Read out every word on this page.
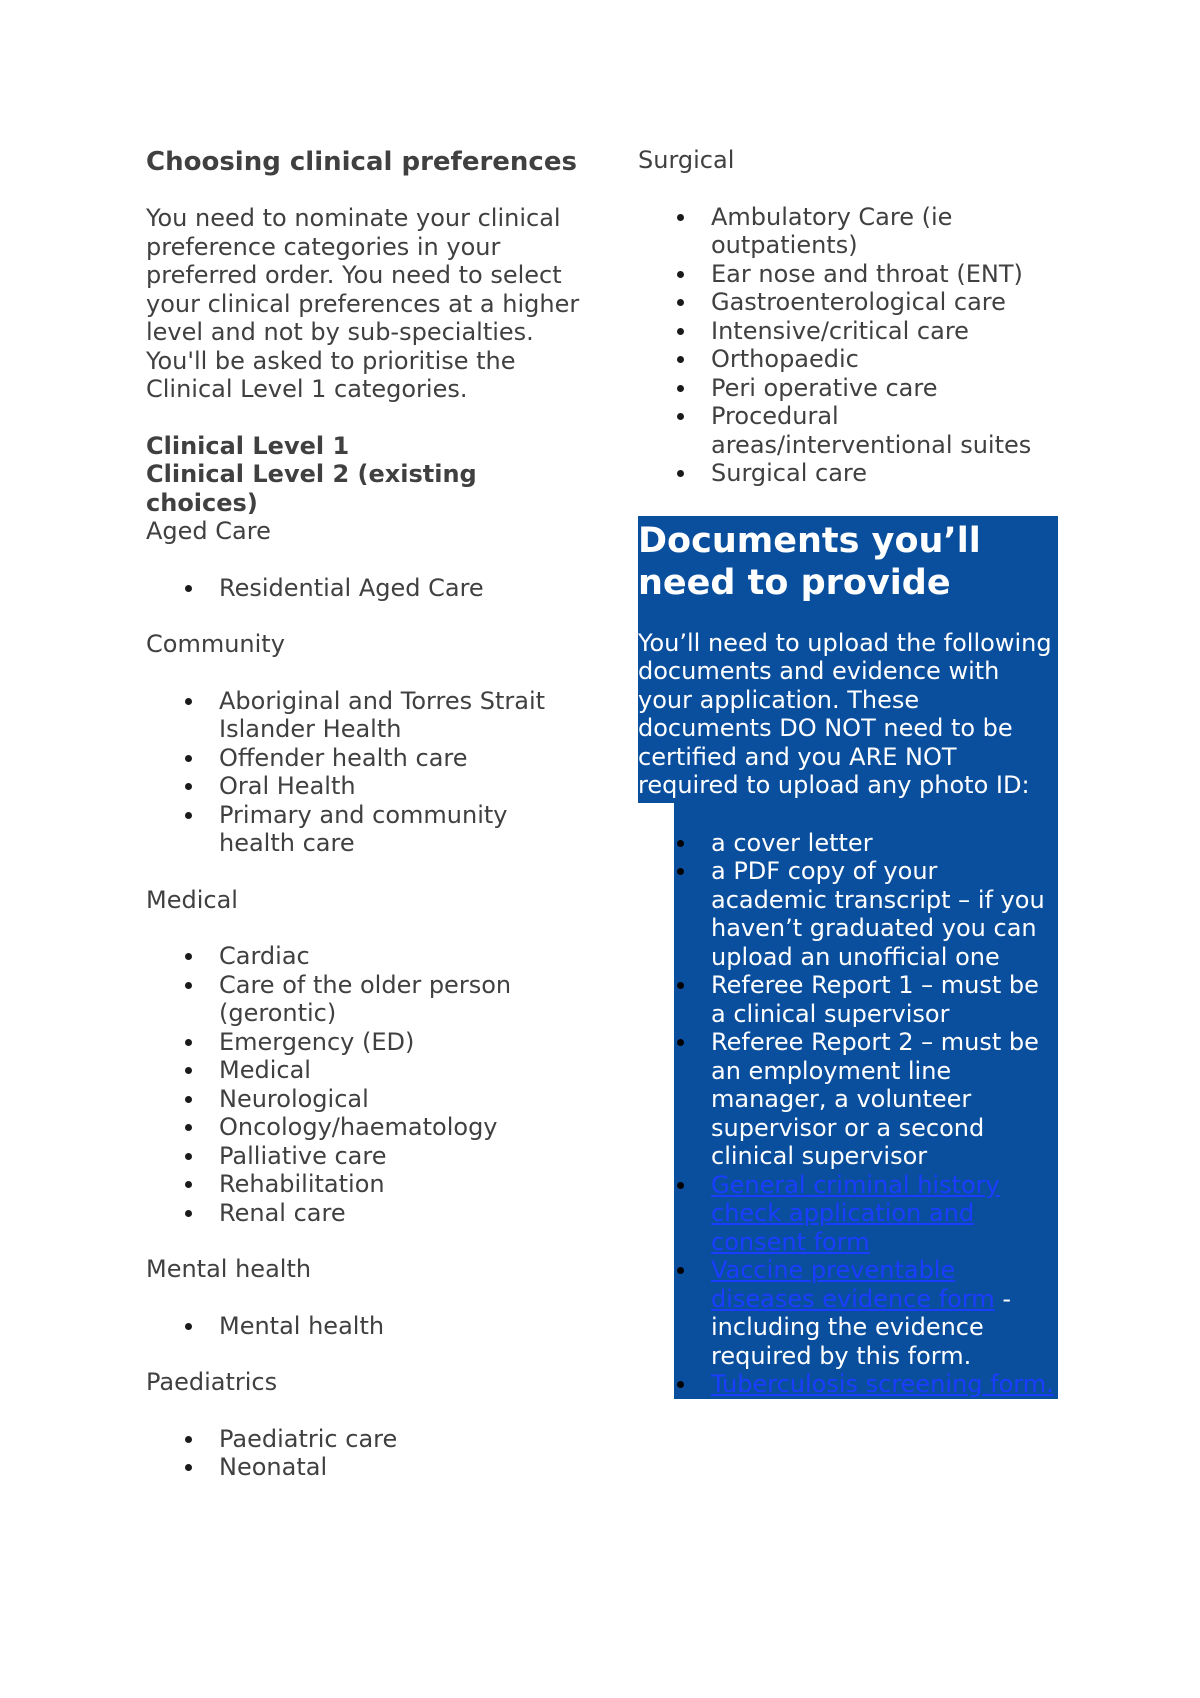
Choosing clinical preferences

You need to nominate your clinical preference categories in your preferred order. You need to select your clinical preferences at a higher level and not by sub-specialties. You'll be asked to prioritise the Clinical Level 1 categories.

Clinical Level 1

Clinical Level 2 (existing choices)

Aged Care

Residential Aged Care

Community

Aboriginal and Torres Strait Islander Health
Offender health care
Oral Health
Primary and community health care

Medical

Cardiac
Care of the older person (gerontic)
Emergency (ED)
Medical
Neurological
Oncology/haematology
Palliative care
Rehabilitation
Renal care

Mental health

Mental health

Paediatrics

Paediatric care
Neonatal

Surgical

Ambulatory Care (ie outpatients)
Ear nose and throat (ENT)
Gastroenterological care
Intensive/critical care
Orthopaedic
Peri operative care
Procedural areas/interventional suites
Surgical care
Documents you’ll need to provide

You’ll need to upload the following documents and evidence with your application. These documents DO NOT need to be certified and you ARE NOT required to upload any photo ID:

a cover letter
a PDF copy of your academic transcript – if you haven’t graduated you can upload an unofficial one
Referee Report 1 – must be a clinical supervisor
Referee Report 2 – must be an employment line manager, a volunteer supervisor or a second clinical supervisor
General criminal history check application and consent form
Vaccine preventable diseases evidence form - including the evidence required by this form.
Tuberculosis screening form.
